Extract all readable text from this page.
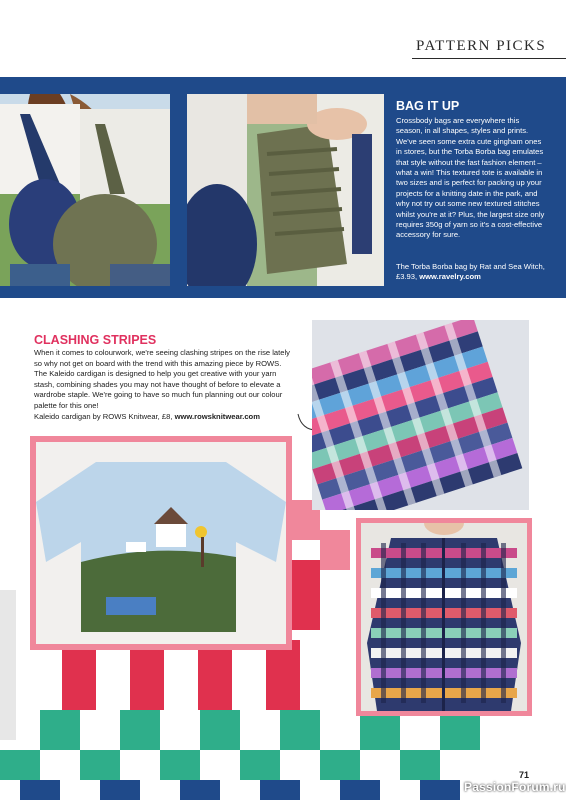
PATTERN PICKS
BAG IT UP
Crossbody bags are everywhere this season, in all shapes, styles and prints. We've seen some extra cute gingham ones in stores, but the Torba Borba bag emulates that style without the fast fashion element – what a win! This textured tote is available in two sizes and is perfect for packing up your projects for a knitting date in the park, and why not try out some new textured stitches whilst you're at it? Plus, the largest size only requires 350g of yarn so it's a cost-effective accessory for sure.
The Torba Borba bag by Rat and Sea Witch, £3.93, www.ravelry.com
CLASHING STRIPES
When it comes to colourwork, we're seeing clashing stripes on the rise lately so why not get on board with the trend with this amazing piece by ROWS. The Kaleido cardigan is designed to help you get creative with your yarn stash, combining shades you may not have thought of before to elevate a wardrobe staple. We're going to have so much fun planning out our colour palette for this one!
Kaleido cardigan by ROWS Knitwear, £8, www.rowsknitwear.com
71
PassionForum.ru
